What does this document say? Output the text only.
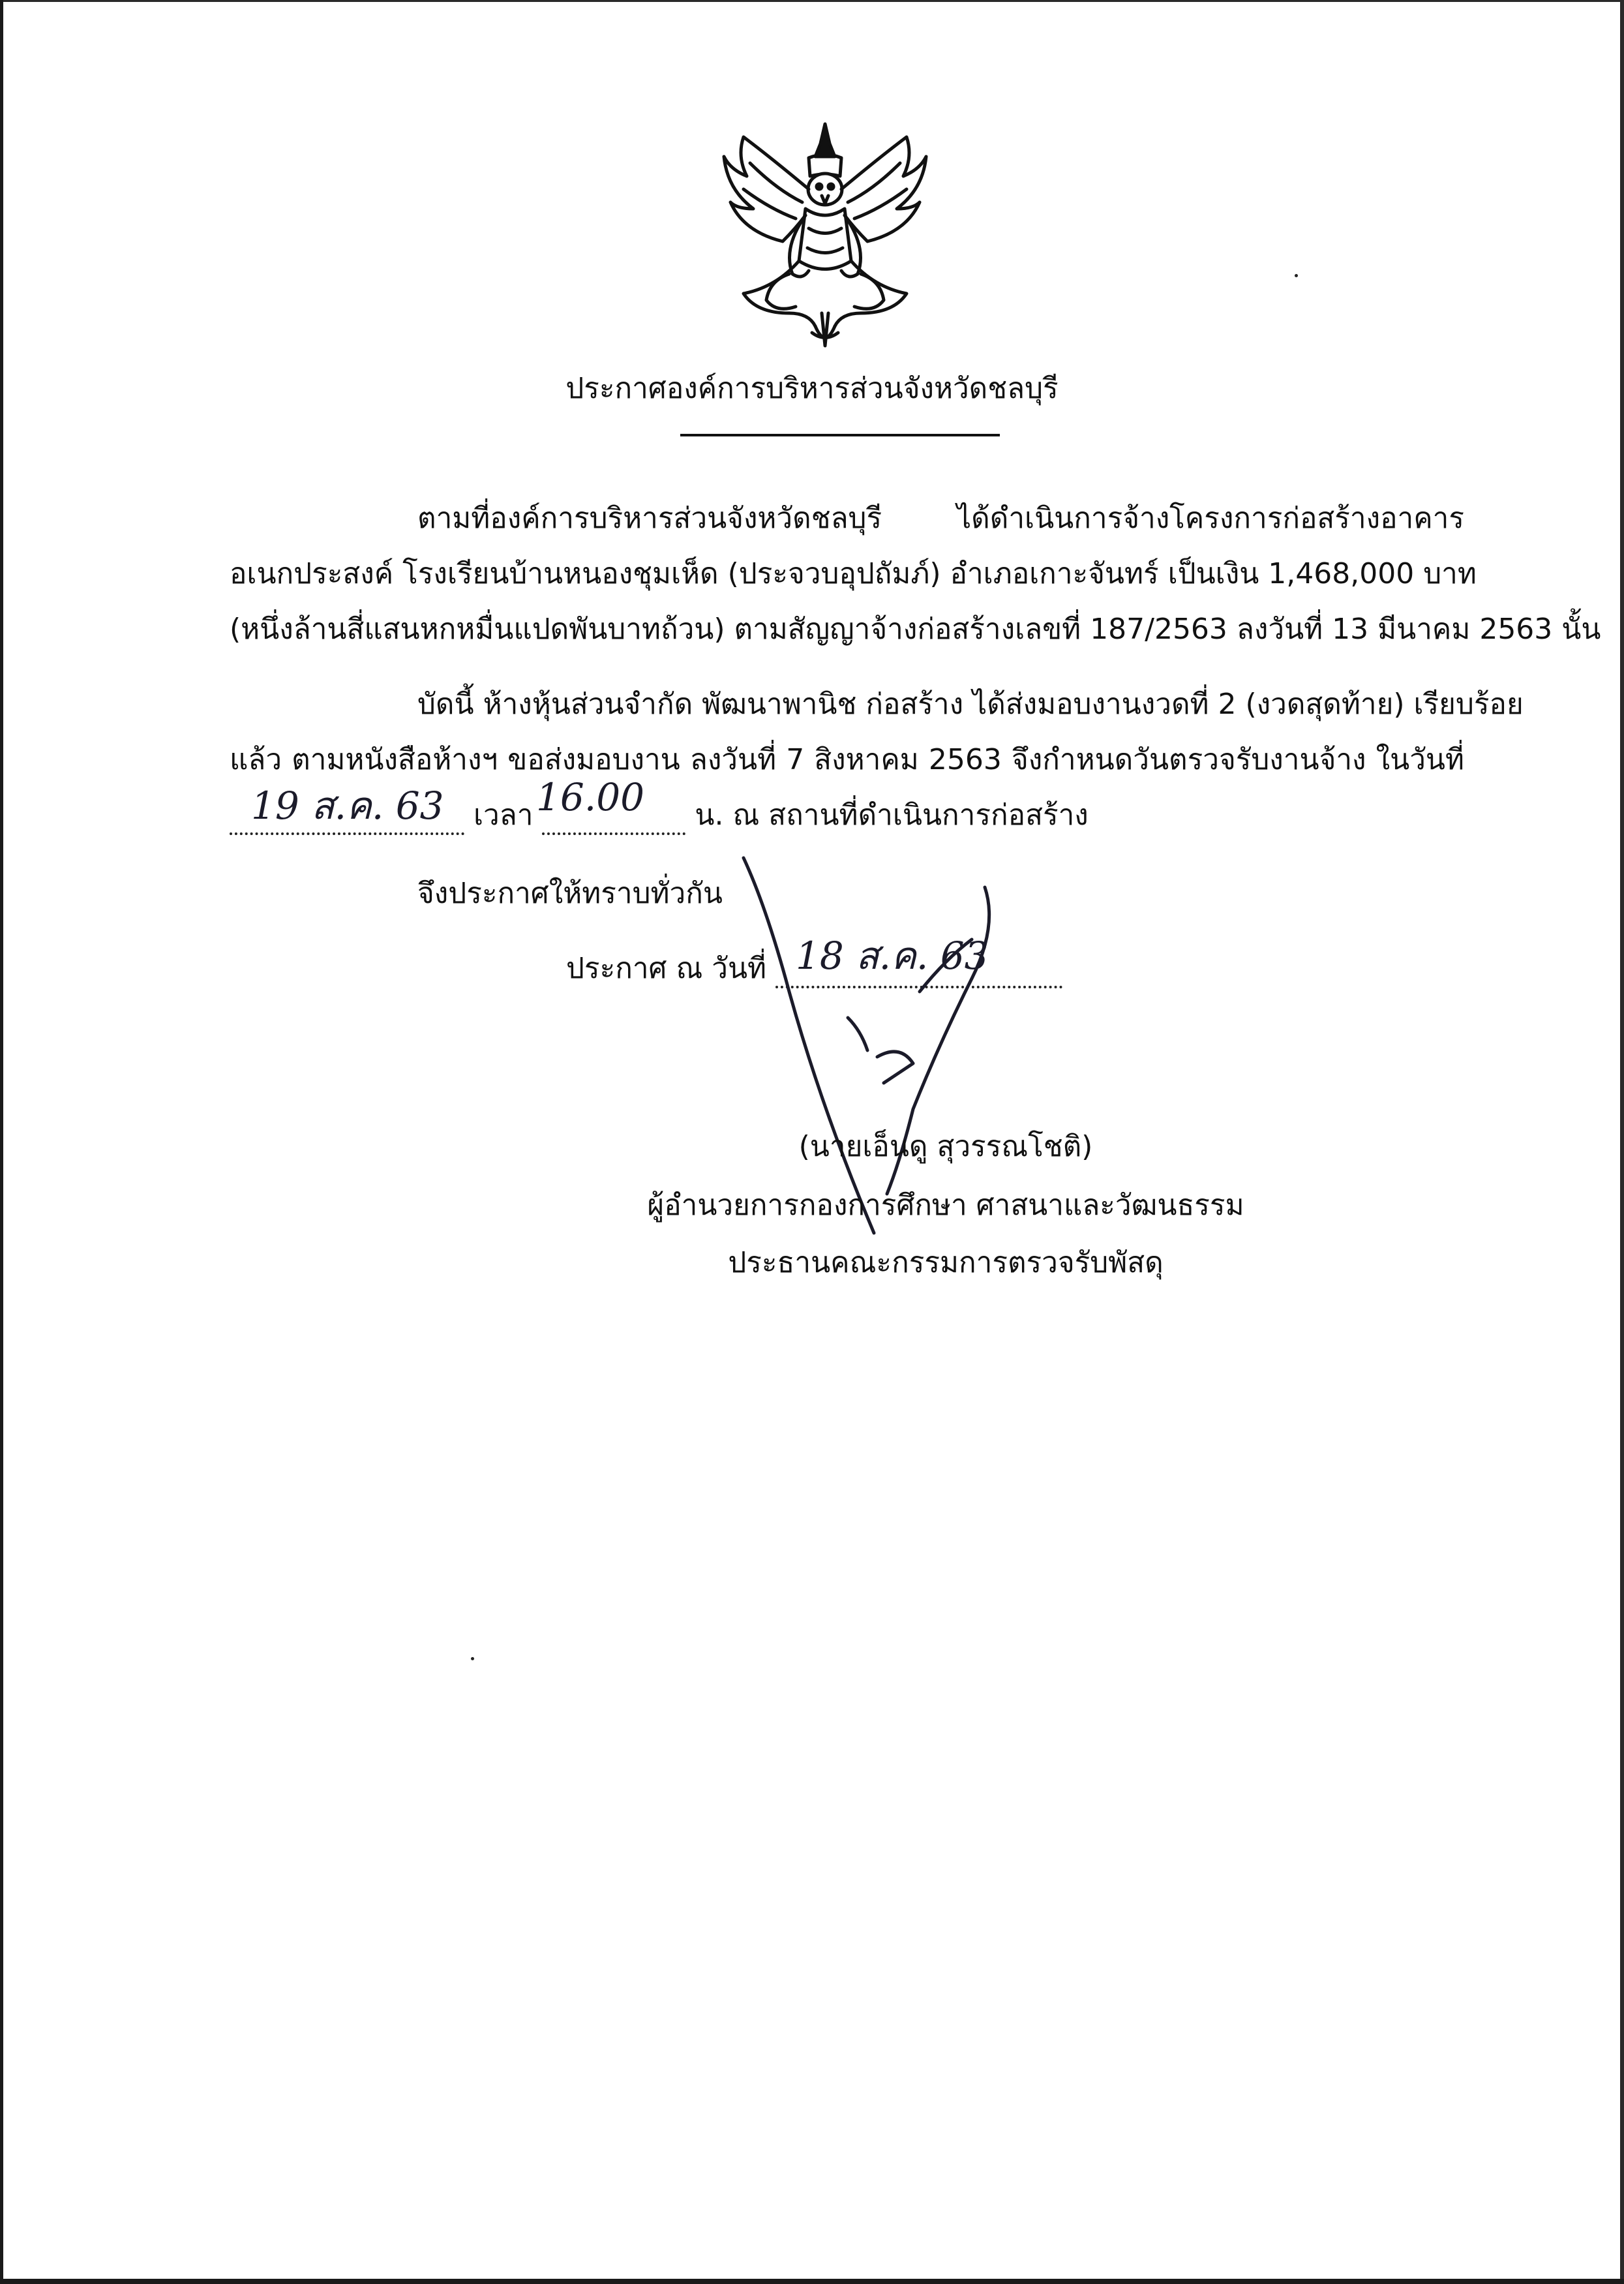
ประกาศองค์การบริหารส่วนจังหวัดชลบุรี
ตามที่องค์การบริหารส่วนจังหวัดชลบุรี ได้ดำเนินการจ้างโครงการก่อสร้างอาคาร
อเนกประสงค์ โรงเรียนบ้านหนองชุมเห็ด (ประจวบอุปถัมภ์) อำเภอเกาะจันทร์ เป็นเงิน 1,468,000 บาท
(หนึ่งล้านสี่แสนหกหมื่นแปดพันบาทถ้วน) ตามสัญญาจ้างก่อสร้างเลขที่ 187/2563 ลงวันที่ 13 มีนาคม 2563 นั้น
บัดนี้ ห้างหุ้นส่วนจำกัด พัฒนาพานิช ก่อสร้าง ได้ส่งมอบงานงวดที่ 2 (งวดสุดท้าย) เรียบร้อย
แล้ว ตามหนังสือห้างฯ ขอส่งมอบงาน ลงวันที่ 7 สิงหาคม 2563 จึงกำหนดวันตรวจรับงานจ้าง ในวันที่
เวลา	น. ณ สถานที่ดำเนินการก่อสร้าง
19 ส.ค. 63 16.00
จึงประกาศให้ทราบทั่วกัน
ประกาศ ณ วันที่ 18 ส.ค. 63
(นายเอ็นดู สุวรรณโชติ)
ผู้อำนวยการกองการศึกษา ศาสนาและวัฒนธรรม
ประธานคณะกรรมการตรวจรับพัสดุ
